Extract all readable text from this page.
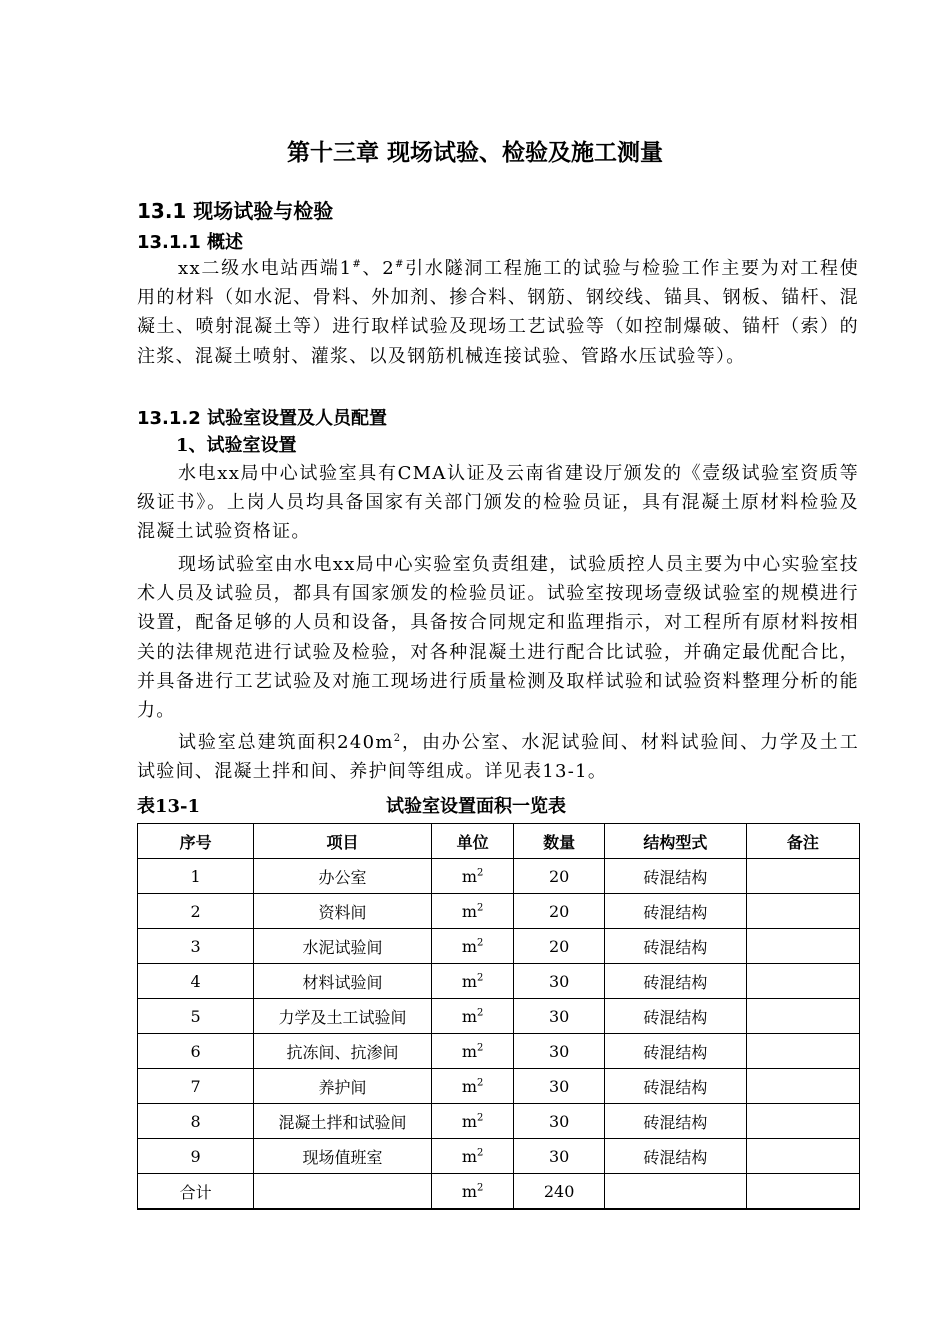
第十三章 现场试验、检验及施工测量
13.1 现场试验与检验
13.1.1 概述

xx二级水电站西端1#、2#引水隧洞工程施工的试验与检验工作主要为对工程使用的材料（如水泥、骨料、外加剂、掺合料、钢筋、钢绞线、锚具、钢板、锚杆、混凝土、喷射混凝土等）进行取样试验及现场工艺试验等（如控制爆破、锚杆（索）的注浆、混凝土喷射、灌浆、以及钢筋机械连接试验、管路水压试验等）。

13.1.2 试验室设置及人员配置
1、试验室设置

水电xx局中心试验室具有CMA认证及云南省建设厅颁发的《壹级试验室资质等级证书》。上岗人员均具备国家有关部门颁发的检验员证，具有混凝土原材料检验及混凝土试验资格证。

现场试验室由水电xx局中心实验室负责组建，试验质控人员主要为中心实验室技术人员及试验员，都具有国家颁发的检验员证。试验室按现场壹级试验室的规模进行设置，配备足够的人员和设备，具备按合同规定和监理指示，对工程所有原材料按相关的法律规范进行试验及检验，对各种混凝土进行配合比试验，并确定最优配合比，并具备进行工艺试验及对施工现场进行质量检测及取样试验和试验资料整理分析的能力。

试验室总建筑面积$240m^2$，由办公室、水泥试验间、材料试验间、力学及土工试验间、混凝土拌和间、养护间等组成。详见表13-1。

表13-1	试验室设置面积一览表
序号	项目	单位	数量	结构型式	备注
1	办公室	$m^2$	20	砖混结构	
2	资料间	$m^2$	20	砖混结构	
3	水泥试验间	$m^2$	20	砖混结构	
4	材料试验间	$m^2$	30	砖混结构	
5	力学及土工试验间	$m^2$	30	砖混结构	
6	抗冻间、抗渗间	$m^2$	30	砖混结构	
7	养护间	$m^2$	30	砖混结构	
8	混凝土拌和试验间	$m^2$	30	砖混结构	
9	现场值班室	$m^2$	30	砖混结构	
合计		$m^2$	240		
